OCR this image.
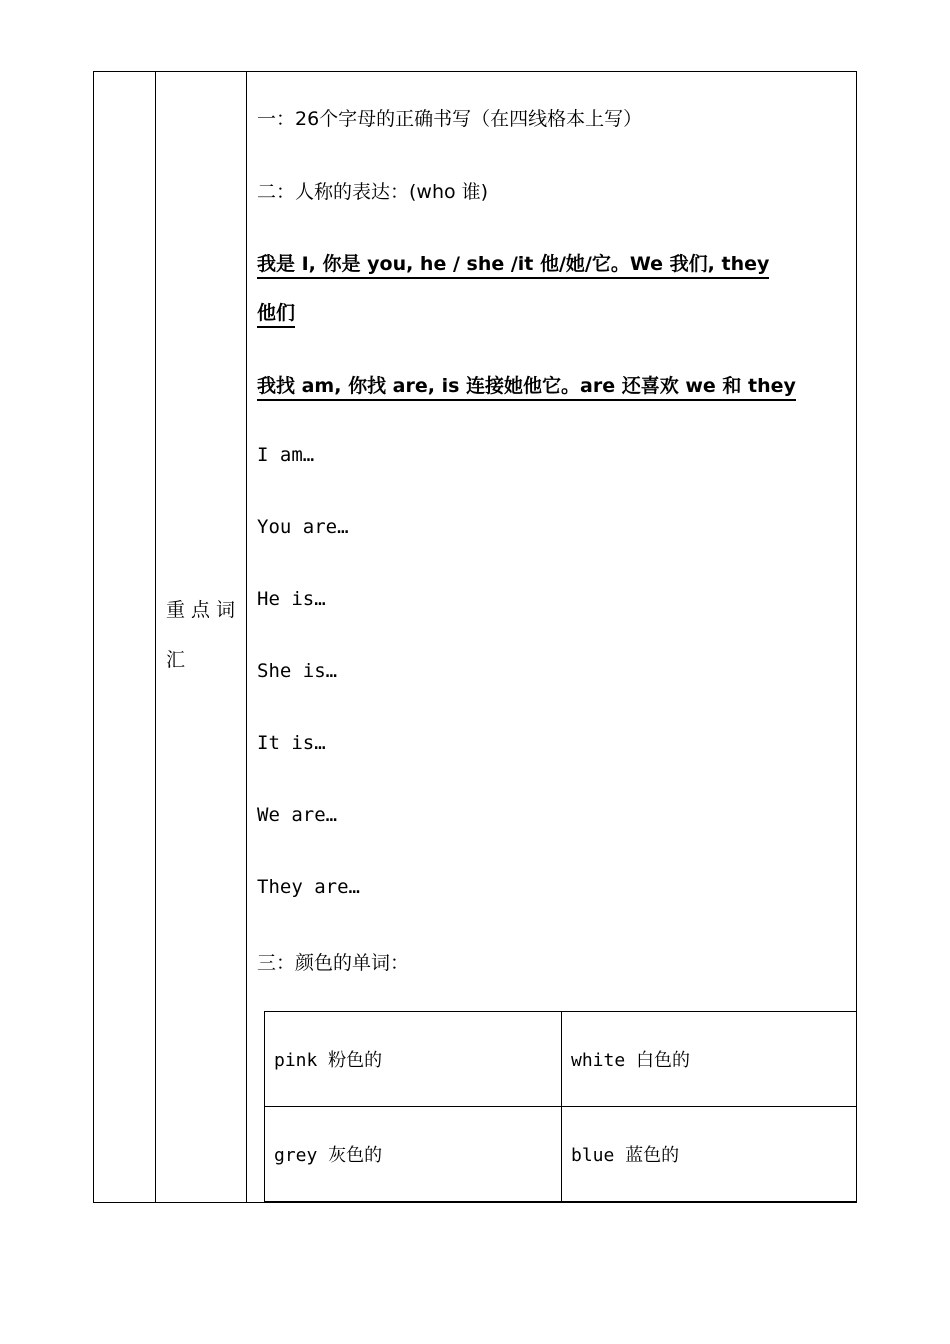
重点词汇
一：26个字母的正确书写（在四线格本上写）
二：人称的表达：(who 谁)
我是 I, 你是 you, he / she /it 他/她/它。We 我们, they
他们
我找 am, 你找 are, is 连接她他它。are 还喜欢 we 和 they
I am…
You are…
He is…
She is…
It is…
We are…
They are…
三：颜色的单词：
pink 粉色的	white 白色的
grey 灰色的	blue 蓝色的
